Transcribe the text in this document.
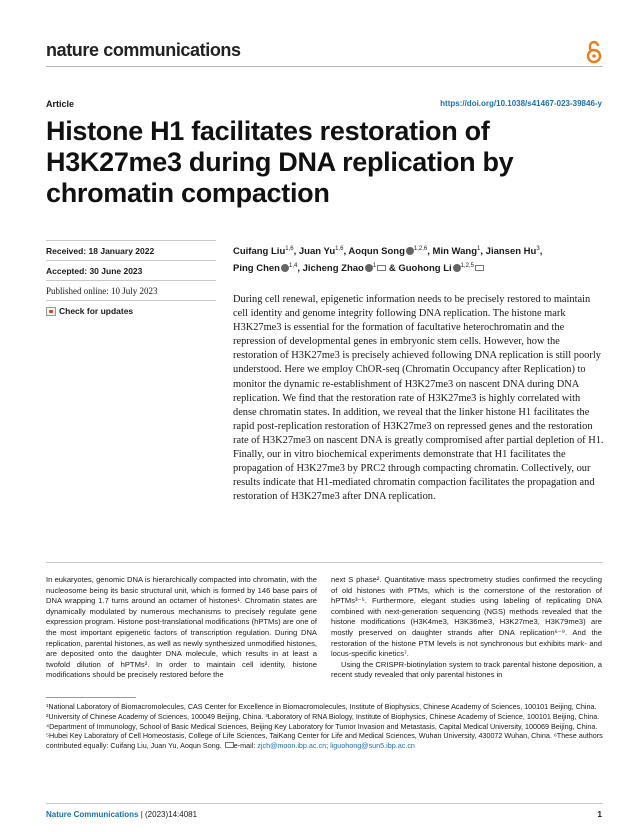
nature communications
Article	https://doi.org/10.1038/s41467-023-39846-y
Histone H1 facilitates restoration of H3K27me3 during DNA replication by chromatin compaction
Received: 18 January 2022
Accepted: 30 June 2023
Published online: 10 July 2023
Check for updates
Cuifang Liu$^{1,6}$, Juan Yu$^{1,6}$, Aoqun Song $^{1,2,6}$, Min Wang$^1$, Jiansen Hu$^3$,
Ping Chen $^{1,4}$, Jicheng Zhao $^1$ & Guohong Li $^{1,2,5}$

During cell renewal, epigenetic information needs to be precisely restored to maintain cell identity and genome integrity following DNA replication. The histone mark H3K27me3 is essential for the formation of facultative heterochromatin and the repression of developmental genes in embryonic stem cells. However, how the restoration of H3K27me3 is precisely achieved following DNA replication is still poorly understood. Here we employ ChOR-seq (Chromatin Occupancy after Replication) to monitor the dynamic re-establishment of H3K27me3 on nascent DNA during DNA replication. We find that the restoration rate of H3K27me3 is highly correlated with dense chromatin states. In addition, we reveal that the linker histone H1 facilitates the rapid post-replication restoration of H3K27me3 on repressed genes and the restoration rate of H3K27me3 on nascent DNA is greatly compromised after partial depletion of H1. Finally, our in vitro biochemical experiments demonstrate that H1 facilitates the propagation of H3K27me3 by PRC2 through compacting chromatin. Collectively, our results indicate that H1-mediated chromatin compaction facilitates the propagation and restoration of H3K27me3 after DNA replication.

In eukaryotes, genomic DNA is hierarchically compacted into chromatin, with the nucleosome being its basic structural unit, which is formed by 146 base pairs of DNA wrapping 1.7 turns around an octamer of histones¹. Chromatin states are dynamically modulated by numerous mechanisms to precisely regulate gene expression program. Histone post-translational modifications (hPTMs) are one of the most important epigenetic factors of transcription regulation. During DNA replication, parental histones, as well as newly synthesized unmodified histones, are deposited onto the daughter DNA molecule, which results in at least a twofold dilution of hPTMs². In order to maintain cell identity, histone modifications should be precisely restored before the

next S phase². Quantitative mass spectrometry studies confirmed the recycling of old histones with PTMs, which is the cornerstone of the restoration of hPTMs³⁻⁵. Furthermore, elegant studies using labeling of replicating DNA combined with next-generation sequencing (NGS) methods revealed that the histone modifications (H3K4me3, H3K36me3, H3K27me3, H3K79me3) are mostly preserved on daughter strands after DNA replication⁶⁻⁹. And the restoration of the histone PTM levels is not synchronous but exhibits mark- and locus-specific kinetics⁷.

Using the CRISPR-biotinylation system to track parental histone deposition, a recent study revealed that only parental histones in

¹National Laboratory of Biomacromolecules, CAS Center for Excellence in Biomacromolecules, Institute of Biophysics, Chinese Academy of Sciences, 100101 Beijing, China. ²University of Chinese Academy of Sciences, 100049 Beijing, China. ³Laboratory of RNA Biology, Institute of Biophysics, Chinese Academy of Science, 100101 Beijing, China. ⁴Department of Immunology, School of Basic Medical Sciences, Beijing Key Laboratory for Tumor Invasion and Metastasis, Capital Medical University, 100069 Beijing, China. ⁵Hubei Key Laboratory of Cell Homeostasis, College of Life Sciences, TaiKang Center for Life and Medical Sciences, Wuhan University, 430072 Wuhan, China. ⁶These authors contributed equally: Cuifang Liu, Juan Yu, Aoqun Song. e-mail: zjch@moon.ibp.ac.cn; liguohong@sun5.ibp.ac.cn
Nature Communications | (2023)14:4081	1
